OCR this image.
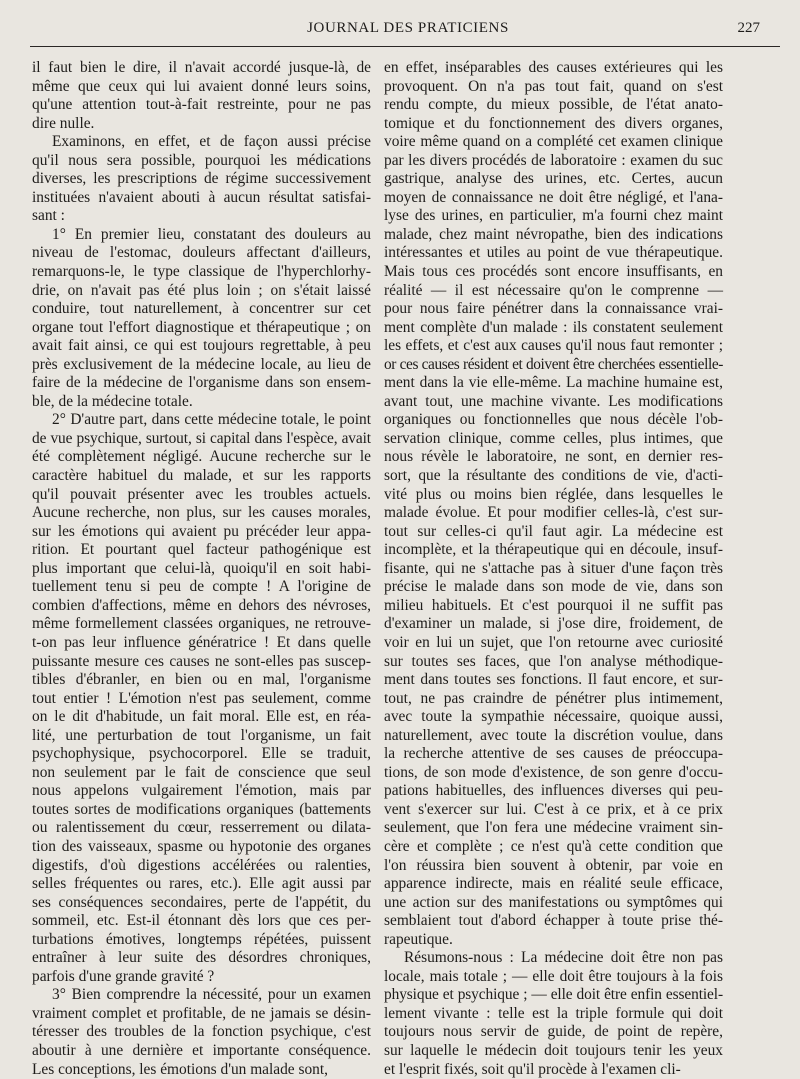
JOURNAL DES PRATICIENS	227
il faut bien le dire, il n'avait accordé jusque-là, de
même que ceux qui lui avaient donné leurs soins,
qu'une attention tout-à-fait restreinte, pour ne pas
dire nulle.
Examinons, en effet, et de façon aussi précise
qu'il nous sera possible, pourquoi les médications
diverses, les prescriptions de régime successivement
instituées n'avaient abouti à aucun résultat satisfai-
sant :
1° En premier lieu, constatant des douleurs au
niveau de l'estomac, douleurs affectant d'ailleurs,
remarquons-le, le type classique de l'hyperchlorhy-
drie, on n'avait pas été plus loin ; on s'était laissé
conduire, tout naturellement, à concentrer sur cet
organe tout l'effort diagnostique et thérapeutique ; on
avait fait ainsi, ce qui est toujours regrettable, à peu
près exclusivement de la médecine locale, au lieu de
faire de la médecine de l'organisme dans son ensem-
ble, de la médecine totale.
2° D'autre part, dans cette médecine totale, le point
de vue psychique, surtout, si capital dans l'espèce, avait
été complètement négligé. Aucune recherche sur le
caractère habituel du malade, et sur les rapports
qu'il pouvait présenter avec les troubles actuels.
Aucune recherche, non plus, sur les causes morales,
sur les émotions qui avaient pu précéder leur appa-
rition. Et pourtant quel facteur pathogénique est
plus important que celui-là, quoiqu'il en soit habi-
tuellement tenu si peu de compte ! A l'origine de
combien d'affections, même en dehors des névroses,
même formellement classées organiques, ne retrouve-
t-on pas leur influence génératrice ! Et dans quelle
puissante mesure ces causes ne sont-elles pas suscep-
tibles d'ébranler, en bien ou en mal, l'organisme
tout entier ! L'émotion n'est pas seulement, comme
on le dit d'habitude, un fait moral. Elle est, en réa-
lité, une perturbation de tout l'organisme, un fait
psychophysique, psychocorporel. Elle se traduit,
non seulement par le fait de conscience que seul
nous appelons vulgairement l'émotion, mais par
toutes sortes de modifications organiques (battements
ou ralentissement du cœur, resserrement ou dilata-
tion des vaisseaux, spasme ou hypotonie des organes
digestifs, d'où digestions accélérées ou ralenties,
selles fréquentes ou rares, etc.). Elle agit aussi par
ses conséquences secondaires, perte de l'appétit, du
sommeil, etc. Est-il étonnant dès lors que ces per-
turbations émotives, longtemps répétées, puissent
entraîner à leur suite des désordres chroniques,
parfois d'une grande gravité ?
3° Bien comprendre la nécessité, pour un examen
vraiment complet et profitable, de ne jamais se désin-
téresser des troubles de la fonction psychique, c'est
aboutir à une dernière et importante conséquence.
Les conceptions, les émotions d'un malade sont,
en effet, inséparables des causes extérieures qui les
provoquent. On n'a pas tout fait, quand on s'est
rendu compte, du mieux possible, de l'état anato-
tomique et du fonctionnement des divers organes,
voire même quand on a complété cet examen clinique
par les divers procédés de laboratoire : examen du suc
gastrique, analyse des urines, etc. Certes, aucun
moyen de connaissance ne doit être négligé, et l'ana-
lyse des urines, en particulier, m'a fourni chez maint
malade, chez maint névropathe, bien des indications
intéressantes et utiles au point de vue thérapeutique.
Mais tous ces procédés sont encore insuffisants, en
réalité — il est nécessaire qu'on le comprenne —
pour nous faire pénétrer dans la connaissance vrai-
ment complète d'un malade : ils constatent seulement
les effets, et c'est aux causes qu'il nous faut remonter ;
or ces causes résident et doivent être cherchées essentielle-
ment dans la vie elle-même. La machine humaine est,
avant tout, une machine vivante. Les modifications
organiques ou fonctionnelles que nous décèle l'ob-
servation clinique, comme celles, plus intimes, que
nous révèle le laboratoire, ne sont, en dernier res-
sort, que la résultante des conditions de vie, d'acti-
vité plus ou moins bien réglée, dans lesquelles le
malade évolue. Et pour modifier celles-là, c'est sur-
tout sur celles-ci qu'il faut agir. La médecine est
incomplète, et la thérapeutique qui en découle, insuf-
fisante, qui ne s'attache pas à situer d'une façon très
précise le malade dans son mode de vie, dans son
milieu habituels. Et c'est pourquoi il ne suffit pas
d'examiner un malade, si j'ose dire, froidement, de
voir en lui un sujet, que l'on retourne avec curiosité
sur toutes ses faces, que l'on analyse méthodique-
ment dans toutes ses fonctions. Il faut encore, et sur-
tout, ne pas craindre de pénétrer plus intimement,
avec toute la sympathie nécessaire, quoique aussi,
naturellement, avec toute la discrétion voulue, dans
la recherche attentive de ses causes de préoccupa-
tions, de son mode d'existence, de son genre d'occu-
pations habituelles, des influences diverses qui peu-
vent s'exercer sur lui. C'est à ce prix, et à ce prix
seulement, que l'on fera une médecine vraiment sin-
cère et complète ; ce n'est qu'à cette condition que
l'on réussira bien souvent à obtenir, par voie en
apparence indirecte, mais en réalité seule efficace,
une action sur des manifestations ou symptômes qui
semblaient tout d'abord échapper à toute prise thé-
rapeutique.
Résumons-nous : La médecine doit être non pas
locale, mais totale ; — elle doit être toujours à la fois
physique et psychique ; — elle doit être enfin essentiel-
lement vivante : telle est la triple formule qui doit
toujours nous servir de guide, de point de repère,
sur laquelle le médecin doit toujours tenir les yeux
et l'esprit fixés, soit qu'il procède à l'examen cli-
